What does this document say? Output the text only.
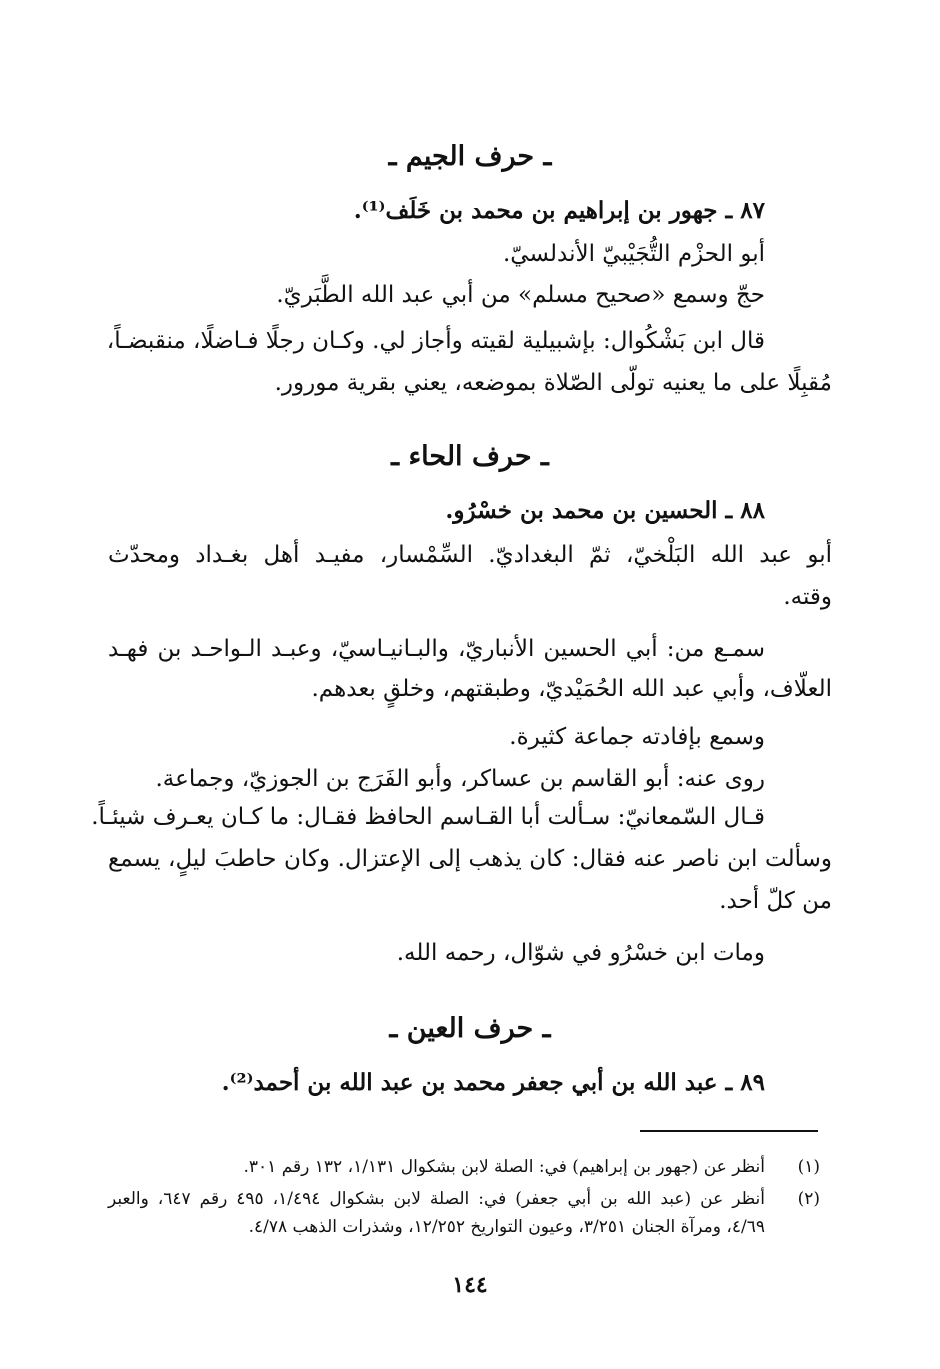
ـ حرف الجيم ـ
٨٧ ـ جهور بن إبراهيم بن محمد بن خَلَف⁽¹⁾.
أبو الحزْم التُّجَيْبيّ الأندلسيّ.
حجّ وسمع «صحيح مسلم» من أبي عبد الله الطَّبَريّ.
قال ابن بَشْكُوال: بإشبيلية لقيته وأجاز لي. وكـان رجلًا فـاضلًا، منقبضـاً،
مُقبِلًا على ما يعنيه تولّى الصّلاة بموضعه، يعني بقرية مورور.
ـ حرف الحاء ـ
٨٨ ـ الحسين بن محمد بن خسْرُو.
أبو عبد الله البَلْخيّ، ثمّ البغداديّ. السِّمْسار، مفيـد أهل بغـداد ومحدّث
وقته.
سمـع من: أبي الحسين الأنباريّ، والبـانيـاسيّ، وعبـد الـواحـد بن فهـد
العلّاف، وأبي عبد الله الحُمَيْديّ، وطبقتهم، وخلقٍ بعدهم.
وسمع بإفادته جماعة كثيرة.
روى عنه: أبو القاسم بن عساكر، وأبو الفَرَج بن الجوزيّ، وجماعة.
قـال السّمعانيّ: سـألت أبا القـاسم الحافظ فقـال: ما كـان يعـرف شيئـاً.
وسألت ابن ناصر عنه فقال: كان يذهب إلى الإعتزال. وكان حاطبَ ليلٍ، يسمع
من كلّ أحد.
ومات ابن خسْرُو في شوّال، رحمه الله.
ـ حرف العين ـ
٨٩ ـ عبد الله بن أبي جعفر محمد بن عبد الله بن أحمد⁽²⁾.
(١)
أنظر عن (جهور بن إبراهيم) في: الصلة لابن بشكوال ١/١٣١، ١٣٢ رقم ٣٠١.
(٢)
أنظر عن (عبد الله بن أبي جعفر) في: الصلة لابن بشكوال ١/٤٩٤، ٤٩٥ رقم ٦٤٧، والعبر
٤/٦٩، ومرآة الجنان ٣/٢٥١، وعيون التواريخ ١٢/٢٥٢، وشذرات الذهب ٤/٧٨.
١٤٤
